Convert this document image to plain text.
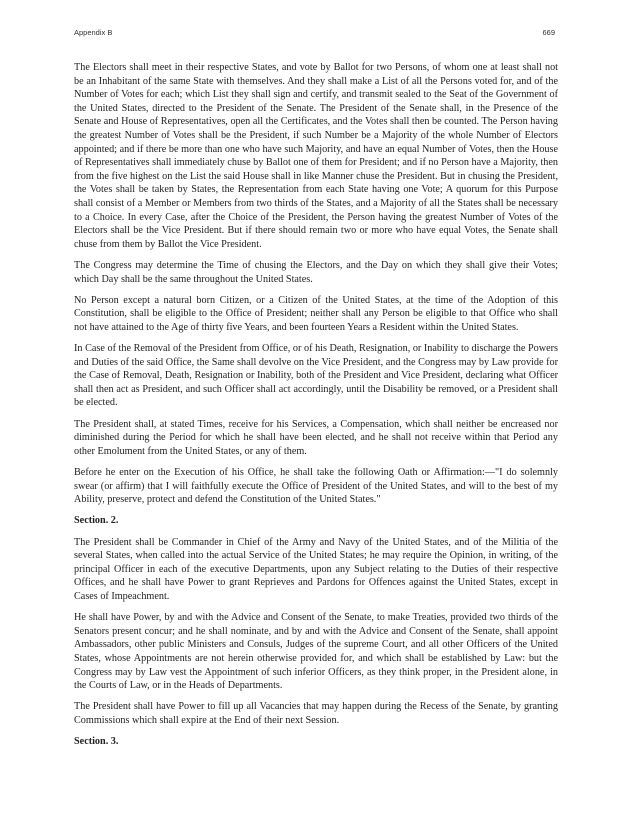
Appendix B	669

The Electors shall meet in their respective States, and vote by Ballot for two Persons, of whom one at least shall not be an Inhabitant of the same State with themselves. And they shall make a List of all the Persons voted for, and of the Number of Votes for each; which List they shall sign and certify, and transmit sealed to the Seat of the Government of the United States, directed to the President of the Senate. The President of the Senate shall, in the Presence of the Senate and House of Representatives, open all the Certificates, and the Votes shall then be counted. The Person having the greatest Number of Votes shall be the President, if such Number be a Majority of the whole Number of Electors appointed; and if there be more than one who have such Majority, and have an equal Number of Votes, then the House of Representatives shall immediately chuse by Ballot one of them for President; and if no Person have a Majority, then from the five highest on the List the said House shall in like Manner chuse the President. But in chusing the President, the Votes shall be taken by States, the Representation from each State having one Vote; A quorum for this Purpose shall consist of a Member or Members from two thirds of the States, and a Majority of all the States shall be necessary to a Choice. In every Case, after the Choice of the President, the Person having the greatest Number of Votes of the Electors shall be the Vice President. But if there should remain two or more who have equal Votes, the Senate shall chuse from them by Ballot the Vice President.

The Congress may determine the Time of chusing the Electors, and the Day on which they shall give their Votes; which Day shall be the same throughout the United States.

No Person except a natural born Citizen, or a Citizen of the United States, at the time of the Adoption of this Constitution, shall be eligible to the Office of President; neither shall any Person be eligible to that Office who shall not have attained to the Age of thirty five Years, and been fourteen Years a Resident within the United States.

In Case of the Removal of the President from Office, or of his Death, Resignation, or Inability to discharge the Powers and Duties of the said Office, the Same shall devolve on the Vice President, and the Congress may by Law provide for the Case of Removal, Death, Resignation or Inability, both of the President and Vice President, declaring what Officer shall then act as President, and such Officer shall act accordingly, until the Disability be removed, or a President shall be elected.

The President shall, at stated Times, receive for his Services, a Compensation, which shall neither be encreased nor diminished during the Period for which he shall have been elected, and he shall not receive within that Period any other Emolument from the United States, or any of them.

Before he enter on the Execution of his Office, he shall take the following Oath or Affirmation:—"I do solemnly swear (or affirm) that I will faithfully execute the Office of President of the United States, and will to the best of my Ability, preserve, protect and defend the Constitution of the United States."

Section. 2.

The President shall be Commander in Chief of the Army and Navy of the United States, and of the Militia of the several States, when called into the actual Service of the United States; he may require the Opinion, in writing, of the principal Officer in each of the executive Departments, upon any Subject relating to the Duties of their respective Offices, and he shall have Power to grant Reprieves and Pardons for Offences against the United States, except in Cases of Impeachment.

He shall have Power, by and with the Advice and Consent of the Senate, to make Treaties, provided two thirds of the Senators present concur; and he shall nominate, and by and with the Advice and Consent of the Senate, shall appoint Ambassadors, other public Ministers and Consuls, Judges of the supreme Court, and all other Officers of the United States, whose Appointments are not herein otherwise provided for, and which shall be established by Law: but the Congress may by Law vest the Appointment of such inferior Officers, as they think proper, in the President alone, in the Courts of Law, or in the Heads of Departments.

The President shall have Power to fill up all Vacancies that may happen during the Recess of the Senate, by granting Commissions which shall expire at the End of their next Session.

Section. 3.
